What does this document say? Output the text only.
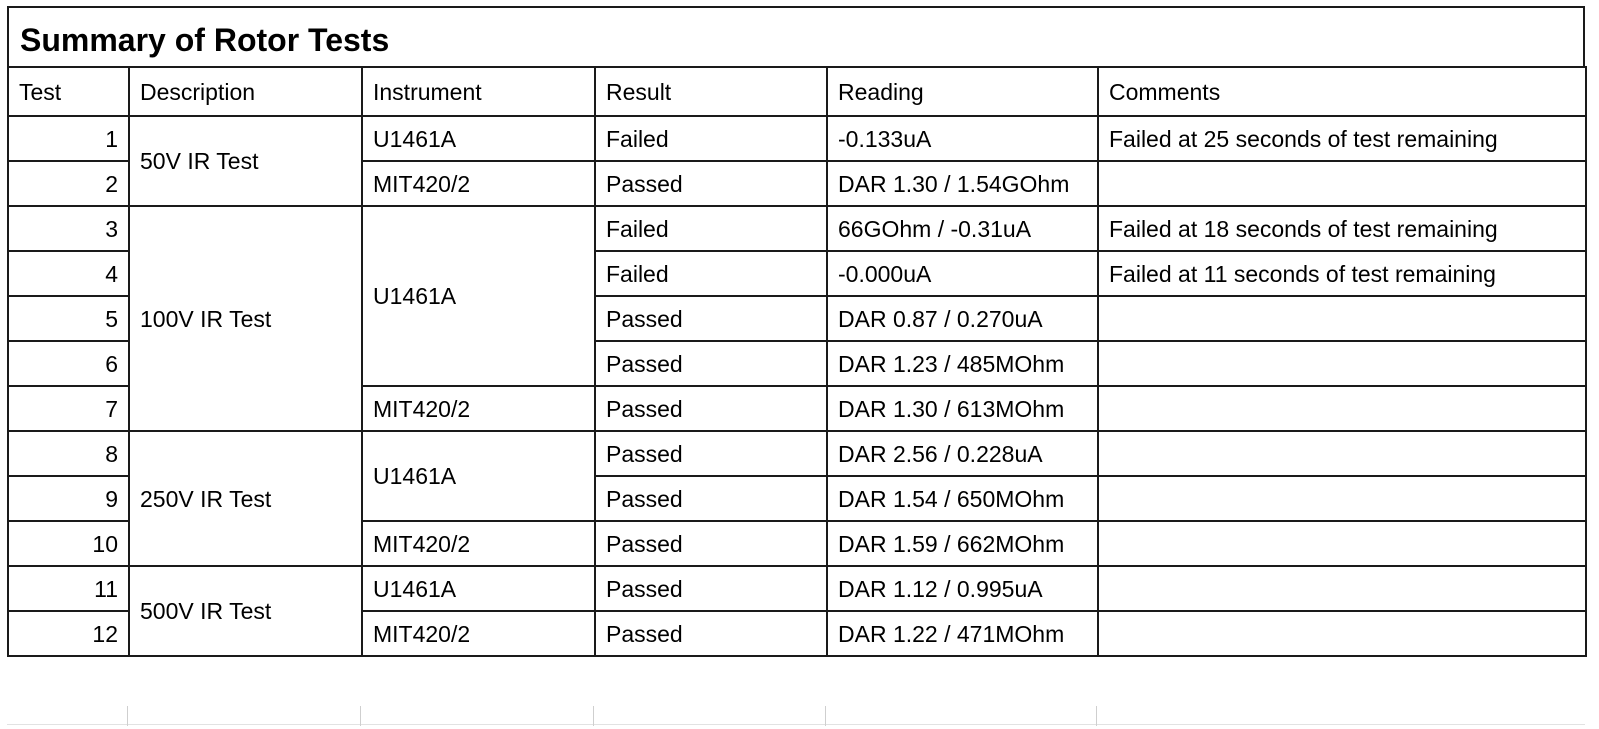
Summary of Rotor Tests
Test	Description	Instrument	Result	Reading	Comments
1	50V IR Test	U1461A	Failed	-0.133uA	Failed at 25 seconds of test remaining
2		MIT420/2	Passed	DAR 1.30 / 1.54GOhm	
3	100V IR Test	U1461A	Failed	66GOhm / -0.31uA	Failed at 18 seconds of test remaining
4			Failed	-0.000uA	Failed at 11 seconds of test remaining
5			Passed	DAR 0.87 / 0.270uA	
6			Passed	DAR 1.23 / 485MOhm	
7		MIT420/2	Passed	DAR 1.30 / 613MOhm	
8	250V IR Test	U1461A	Passed	DAR 2.56 / 0.228uA	
9			Passed	DAR 1.54 / 650MOhm	
10		MIT420/2	Passed	DAR 1.59 / 662MOhm	
11	500V IR Test	U1461A	Passed	DAR 1.12 / 0.995uA	
12		MIT420/2	Passed	DAR 1.22 / 471MOhm	
